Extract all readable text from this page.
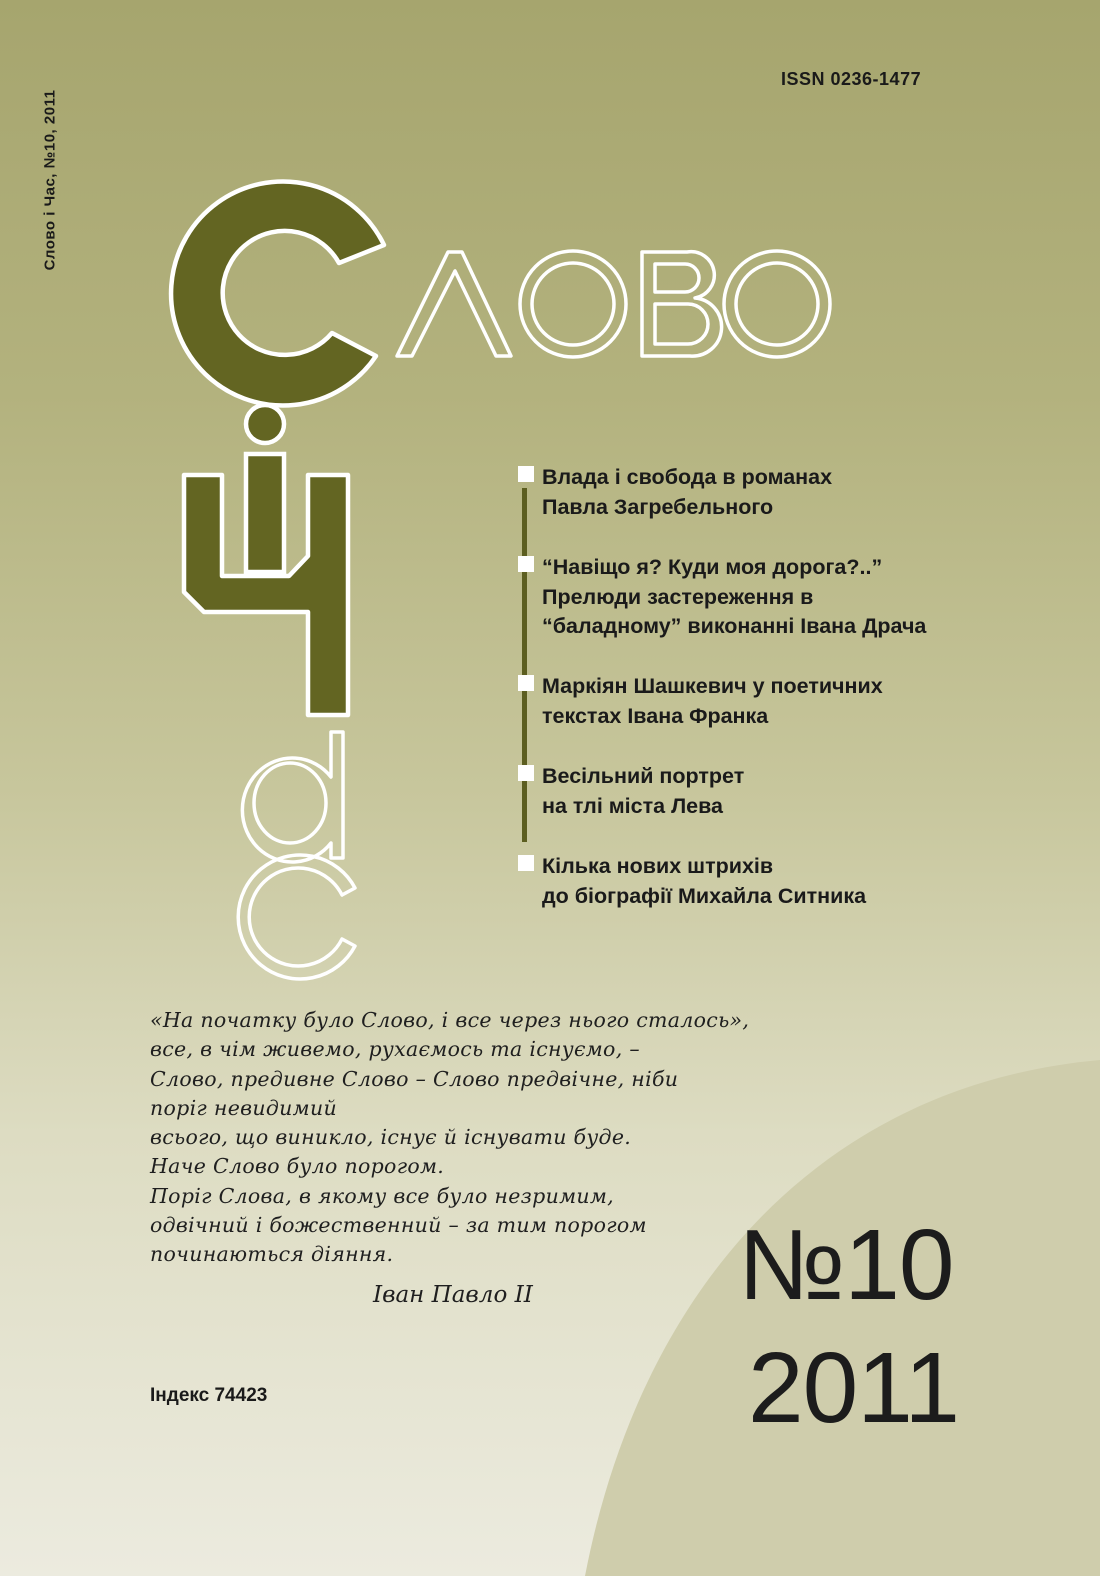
Слово і Час, №10, 2011
ISSN 0236-1477
Влада і свобода в романах
Павла Загребельного
“Навіщо я? Куди моя дорога?..”
Прелюди застереження в
“баладному” виконанні Івана Драча
Маркіян Шашкевич у поетичних
текстах Івана Франка
Весільний портрет
на тлі міста Лева
Кілька нових штрихів
до біографії Михайла Ситника
«На початку було Слово, і все через нього сталось»,
все, в чім живемо, рухаємось та існуємо, –
Слово, предивне Слово – Слово предвічне, ніби
поріг невидимий
всього, що виникло, існує й існувати буде.
Наче Слово було порогом.
Поріг Слова, в якому все було незримим,
одвічний і божественний – за тим порогом
починаються діяння.
Іван Павло II №10
2011
Індекс 74423
